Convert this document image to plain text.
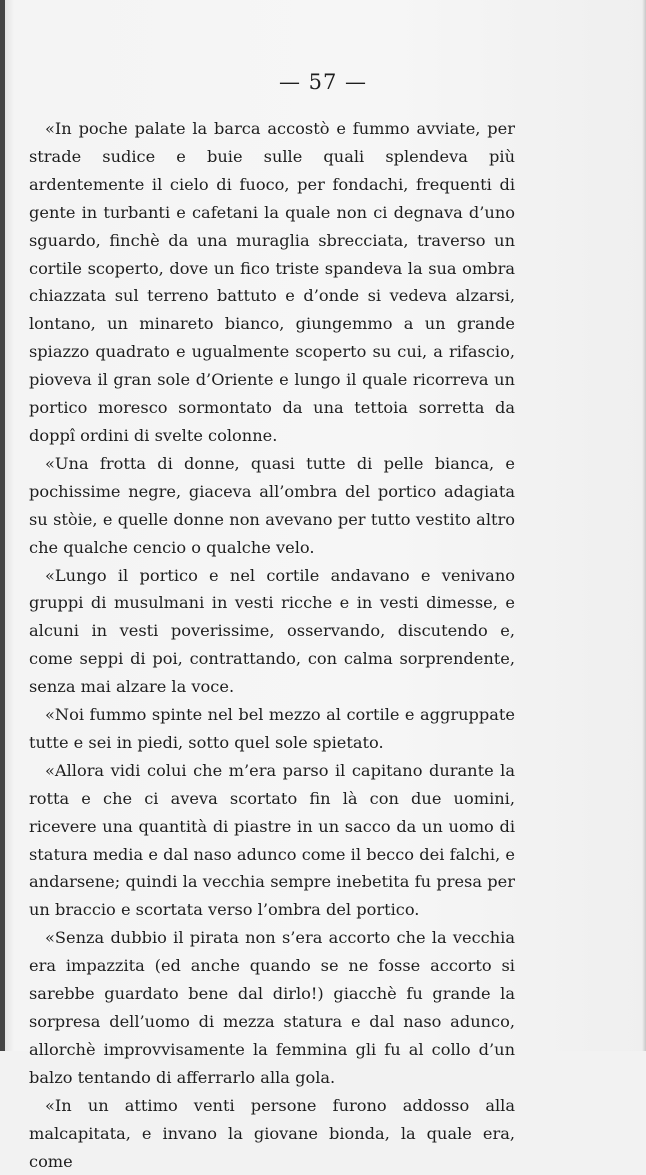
— 57 —

«In poche palate la barca accostò e fummo avviate, per strade sudice e buie sulle quali splendeva più ardentemente il cielo di fuoco, per fondachi, frequenti di gente in turbanti e cafetani la quale non ci degnava d’uno sguardo, finchè da una muraglia sbrecciata, traverso un cortile scoperto, dove un fico triste spandeva la sua ombra chiazzata sul terreno battuto e d’onde si vedeva alzarsi, lontano, un minareto bianco, giungemmo a un grande spiazzo quadrato e ugualmente scoperto su cui, a rifascio, pioveva il gran sole d’Oriente e lungo il quale ricorreva un portico moresco sormontato da una tettoia sorretta da doppî ordini di svelte colonne.

«Una frotta di donne, quasi tutte di pelle bianca, e pochissime negre, giaceva all’ombra del portico adagiata su stòie, e quelle donne non avevano per tutto vestito altro che qualche cencio o qualche velo.

«Lungo il portico e nel cortile andavano e venivano gruppi di musulmani in vesti ricche e in vesti dimesse, e alcuni in vesti poverissime, osservando, discutendo e, come seppi di poi, contrattando, con calma sorprendente, senza mai alzare la voce.

«Noi fummo spinte nel bel mezzo al cortile e aggruppate tutte e sei in piedi, sotto quel sole spietato.

«Allora vidi colui che m’era parso il capitano durante la rotta e che ci aveva scortato fin là con due uomini, ricevere una quantità di piastre in un sacco da un uomo di statura media e dal naso adunco come il becco dei falchi, e andarsene; quindi la vecchia sempre inebetita fu presa per un braccio e scortata verso l’ombra del portico.

«Senza dubbio il pirata non s’era accorto che la vecchia era impazzita (ed anche quando se ne fosse accorto si sarebbe guardato bene dal dirlo!) giacchè fu grande la sorpresa dell’uomo di mezza statura e dal naso adunco, allorchè improvvisamente la femmina gli fu al collo d’un balzo tentando di afferrarlo alla gola.

«In un attimo venti persone furono addosso alla malcapitata, e invano la giovane bionda, la quale era, come
